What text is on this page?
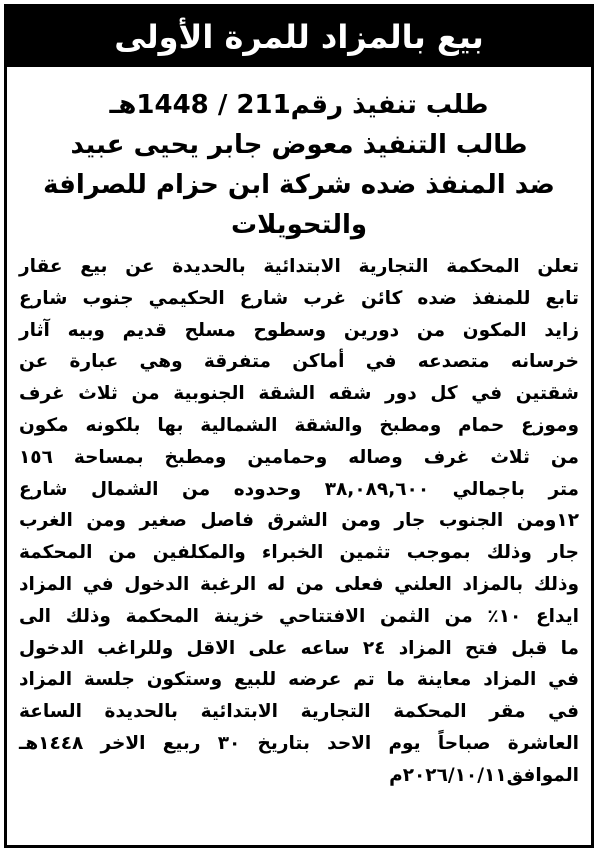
بيع بالمزاد للمرة الأولى
طلب تنفيذ رقم211 / 1448هـ
طالب التنفيذ معوض جابر يحيى عبيد
ضد المنفذ ضده شركة ابن حزام للصرافة
والتحويلات
تعلن المحكمة التجارية الابتدائية بالحديدة عن بيع عقار
تابع للمنفذ ضده كائن غرب شارع الحكيمي جنوب شارع
زايد المكون من دورين وسطوح مسلح قديم وبيه آثار
خرسانه متصدعه في أماكن متفرقة وهي عبارة عن
شقتين في كل دور شقه الشقة الجنوبية من ثلاث غرف
وموزع حمام ومطبخ والشقة الشمالية بها بلكونه مكون
من ثلاث غرف وصاله وحمامين ومطبخ بمساحة ١٥٦
متر باجمالي ٣٨,٠٨٩,٦٠٠ وحدوده من الشمال شارع
١٢ومن الجنوب جار ومن الشرق فاصل صغير ومن الغرب
جار وذلك بموجب تثمين الخبراء والمكلفين من المحكمة
وذلك بالمزاد العلني فعلى من له الرغبة الدخول في المزاد
ايداع ١٠٪ من الثمن الافتتاحي خزينة المحكمة وذلك الى
ما قبل فتح المزاد ٢٤ ساعه على الاقل وللراغب الدخول
في المزاد معاينة ما تم عرضه للبيع وستكون جلسة المزاد
في مقر المحكمة التجارية الابتدائية بالحديدة الساعة
العاشرة صباحاً يوم الاحد بتاريخ ٣٠ ربيع الاخر ١٤٤٨هـ
الموافق٢٠٢٦/١٠/١١م
